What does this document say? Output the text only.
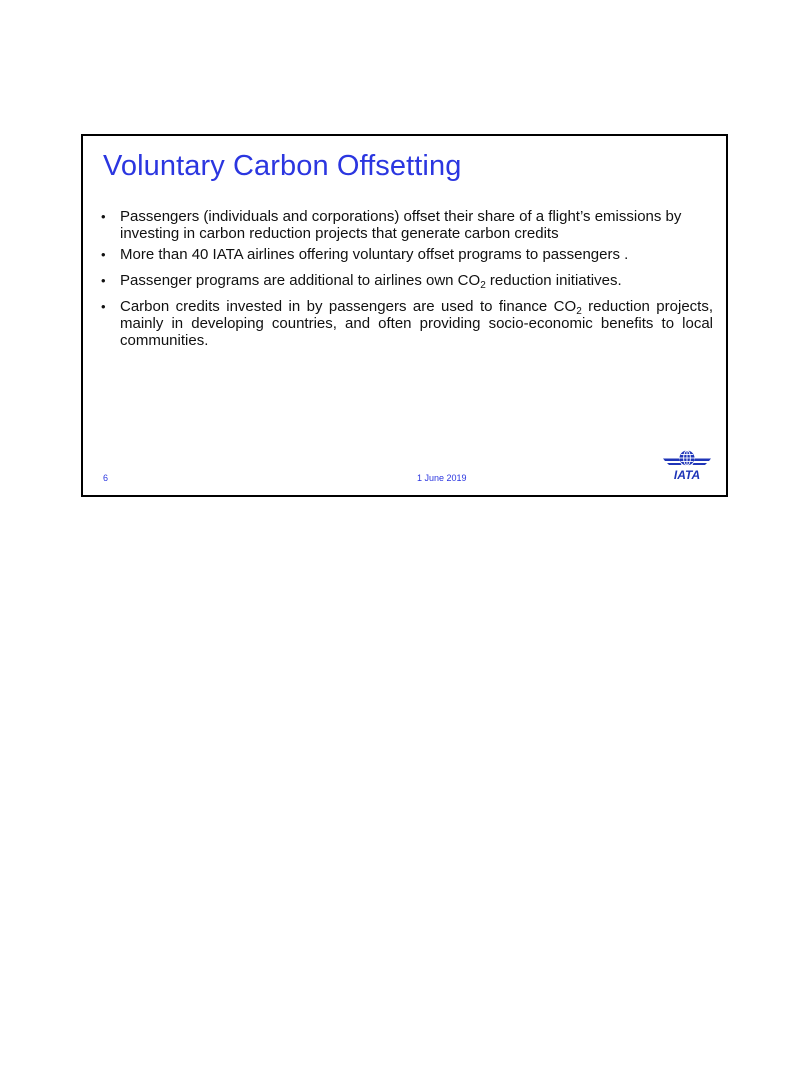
Voluntary Carbon Offsetting
• Passengers (individuals and corporations) offset their share of a flight’s emissions by investing in carbon reduction projects that generate carbon credits
• More than 40 IATA airlines offering voluntary offset programs to passengers .
• Passenger programs are additional to airlines own $CO_2$ reduction initiatives.
• Carbon credits invested in by passengers are used to finance $CO_2$ reduction projects, mainly in developing countries, and often providing socio-economic benefits to local communities.
6	1 June 2019	IATA
